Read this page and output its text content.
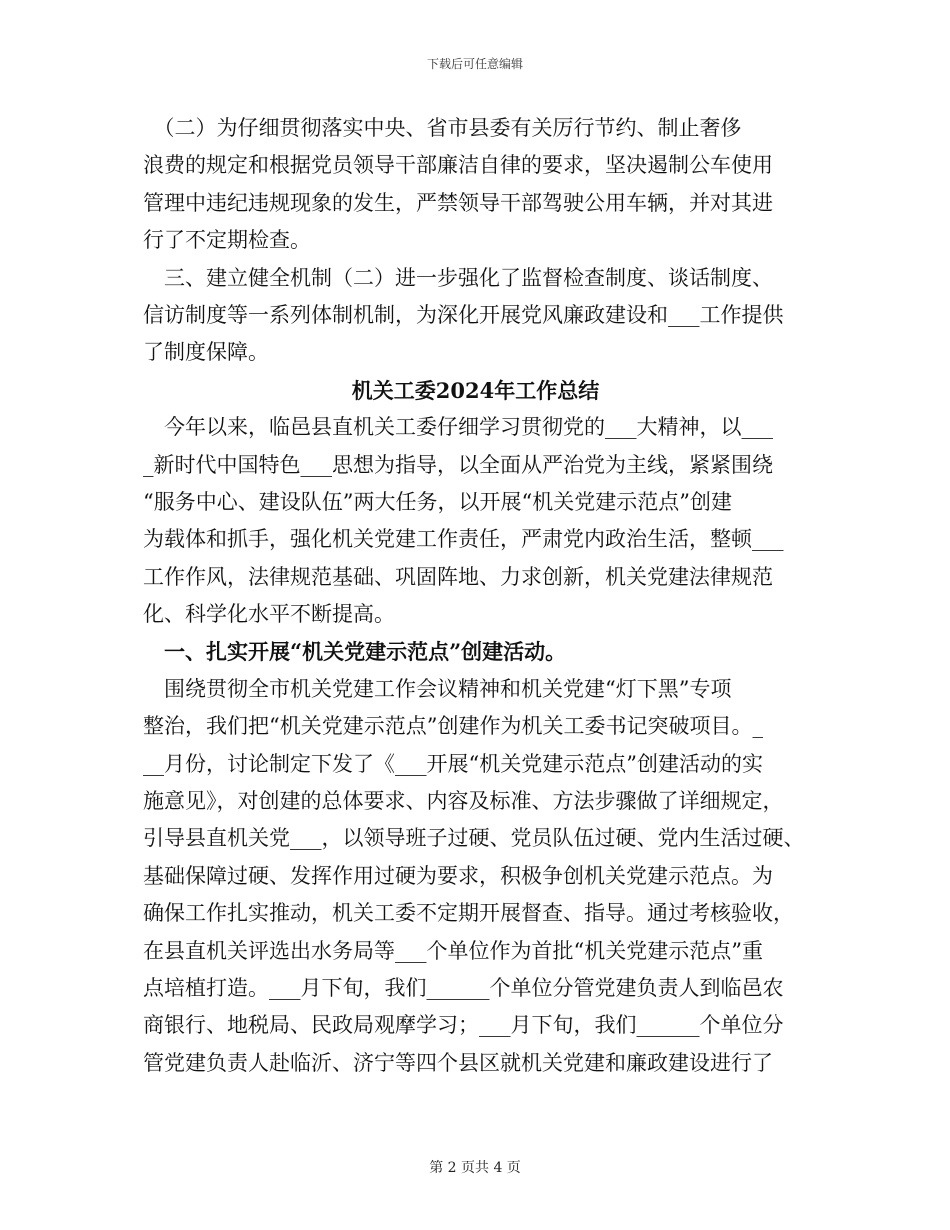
下载后可任意编辑
　（二）为仔细贯彻落实中央、省市县委有关厉行节约、制止奢侈
浪费的规定和根据党员领导干部廉洁自律的要求，坚决遏制公车使用
管理中违纪违规现象的发生，严禁领导干部驾驶公用车辆，并对其进
行了不定期检查。
　三、建立健全机制（二）进一步强化了监督检查制度、谈话制度、
信访制度等一系列体制机制，为深化开展党风廉政建设和___工作提供
了制度保障。
机关工委2024年工作总结
　今年以来，临邑县直机关工委仔细学习贯彻党的___大精神，以___
_新时代中国特色___思想为指导，以全面从严治党为主线，紧紧围绕
“服务中心、建设队伍”两大任务，以开展“机关党建示范点”创建
为载体和抓手，强化机关党建工作责任，严肃党内政治生活，整顿___
工作作风，法律规范基础、巩固阵地、力求创新，机关党建法律规范
化、科学化水平不断提高。
　一、扎实开展“机关党建示范点”创建活动。
　围绕贯彻全市机关党建工作会议精神和机关党建“灯下黑”专项
整治，我们把“机关党建示范点”创建作为机关工委书记突破项目。_
__月份，讨论制定下发了《___开展“机关党建示范点”创建活动的实
施意见》，对创建的总体要求、内容及标准、方法步骤做了详细规定，
引导县直机关党___，以领导班子过硬、党员队伍过硬、党内生活过硬、
基础保障过硬、发挥作用过硬为要求，积极争创机关党建示范点。为
确保工作扎实推动，机关工委不定期开展督查、指导。通过考核验收，
在县直机关评选出水务局等___个单位作为首批“机关党建示范点”重
点培植打造。___月下旬，我们______个单位分管党建负责人到临邑农
商银行、地税局、民政局观摩学习；___月下旬，我们______个单位分
管党建负责人赴临沂、济宁等四个县区就机关党建和廉政建设进行了
第 2 页共 4 页
